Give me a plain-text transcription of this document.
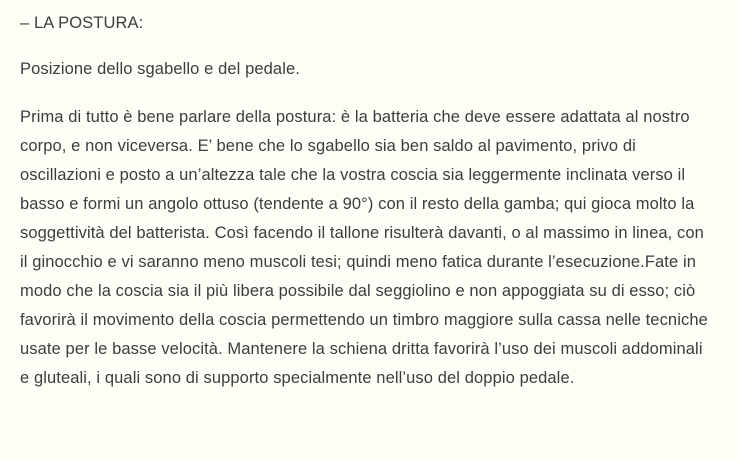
– LA POSTURA:

Posizione dello sgabello e del pedale.

Prima di tutto è bene parlare della postura: è la batteria che deve essere adattata al nostro corpo, e non viceversa. E’ bene che lo sgabello sia ben saldo al pavimento, privo di oscillazioni e posto a un’altezza tale che la vostra coscia sia leggermente inclinata verso il basso e formi un angolo ottuso (tendente a 90°) con il resto della gamba; qui gioca molto la soggettività del batterista. Così facendo il tallone risulterà davanti, o al massimo in linea, con il ginocchio e vi saranno meno muscoli tesi; quindi meno fatica durante l’esecuzione.Fate in modo che la coscia sia il più libera possibile dal seggiolino e non appoggiata su di esso; ciò favorirà il movimento della coscia permettendo un timbro maggiore sulla cassa nelle tecniche usate per le basse velocità. Mantenere la schiena dritta favorirà l’uso dei muscoli addominali e gluteali, i quali sono di supporto specialmente nell’uso del doppio pedale.
